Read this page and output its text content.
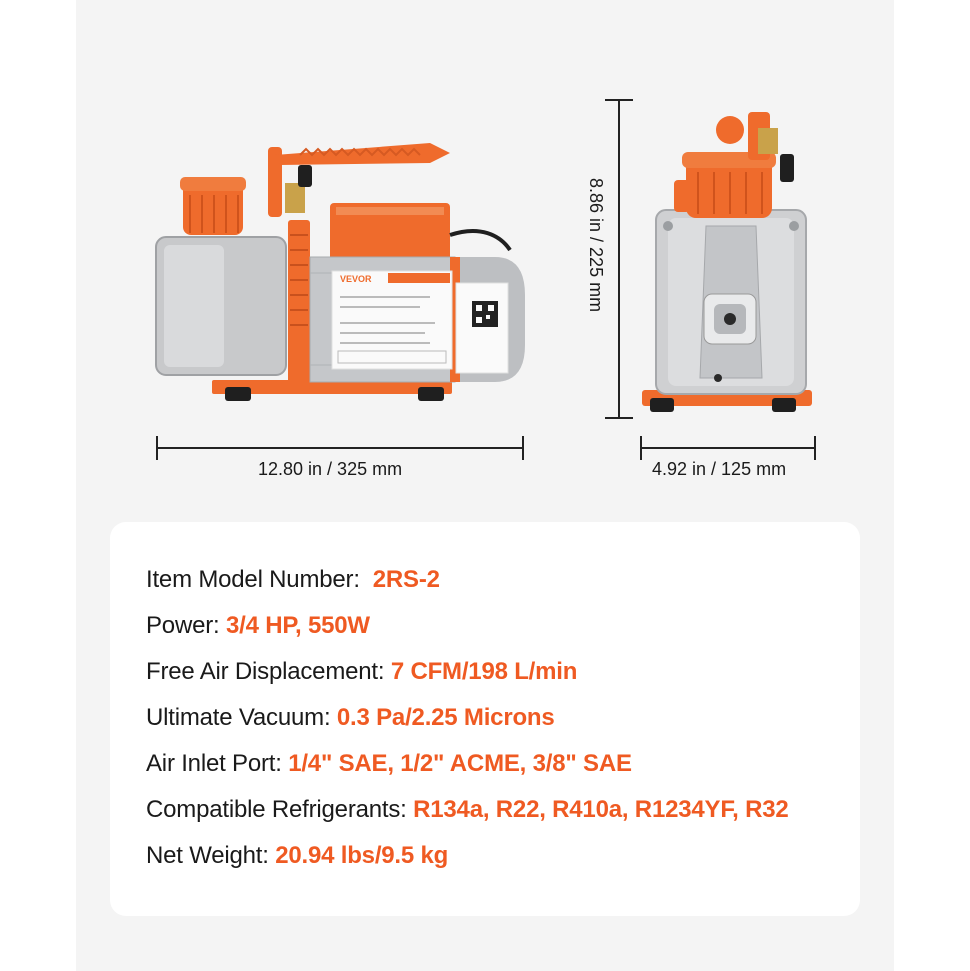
VEVOR	8.86 in / 225 mm
12.80 in / 325 mm	4.92 in / 125 mm
Item Model Number: 2RS-2
Power: 3/4 HP, 550W
Free Air Displacement: 7 CFM/198 L/min
Ultimate Vacuum: 0.3 Pa/2.25 Microns
Air Inlet Port: 1/4" SAE, 1/2" ACME, 3/8" SAE
Compatible Refrigerants: R134a, R22, R410a, R1234YF, R32
Net Weight: 20.94 lbs/9.5 kg
